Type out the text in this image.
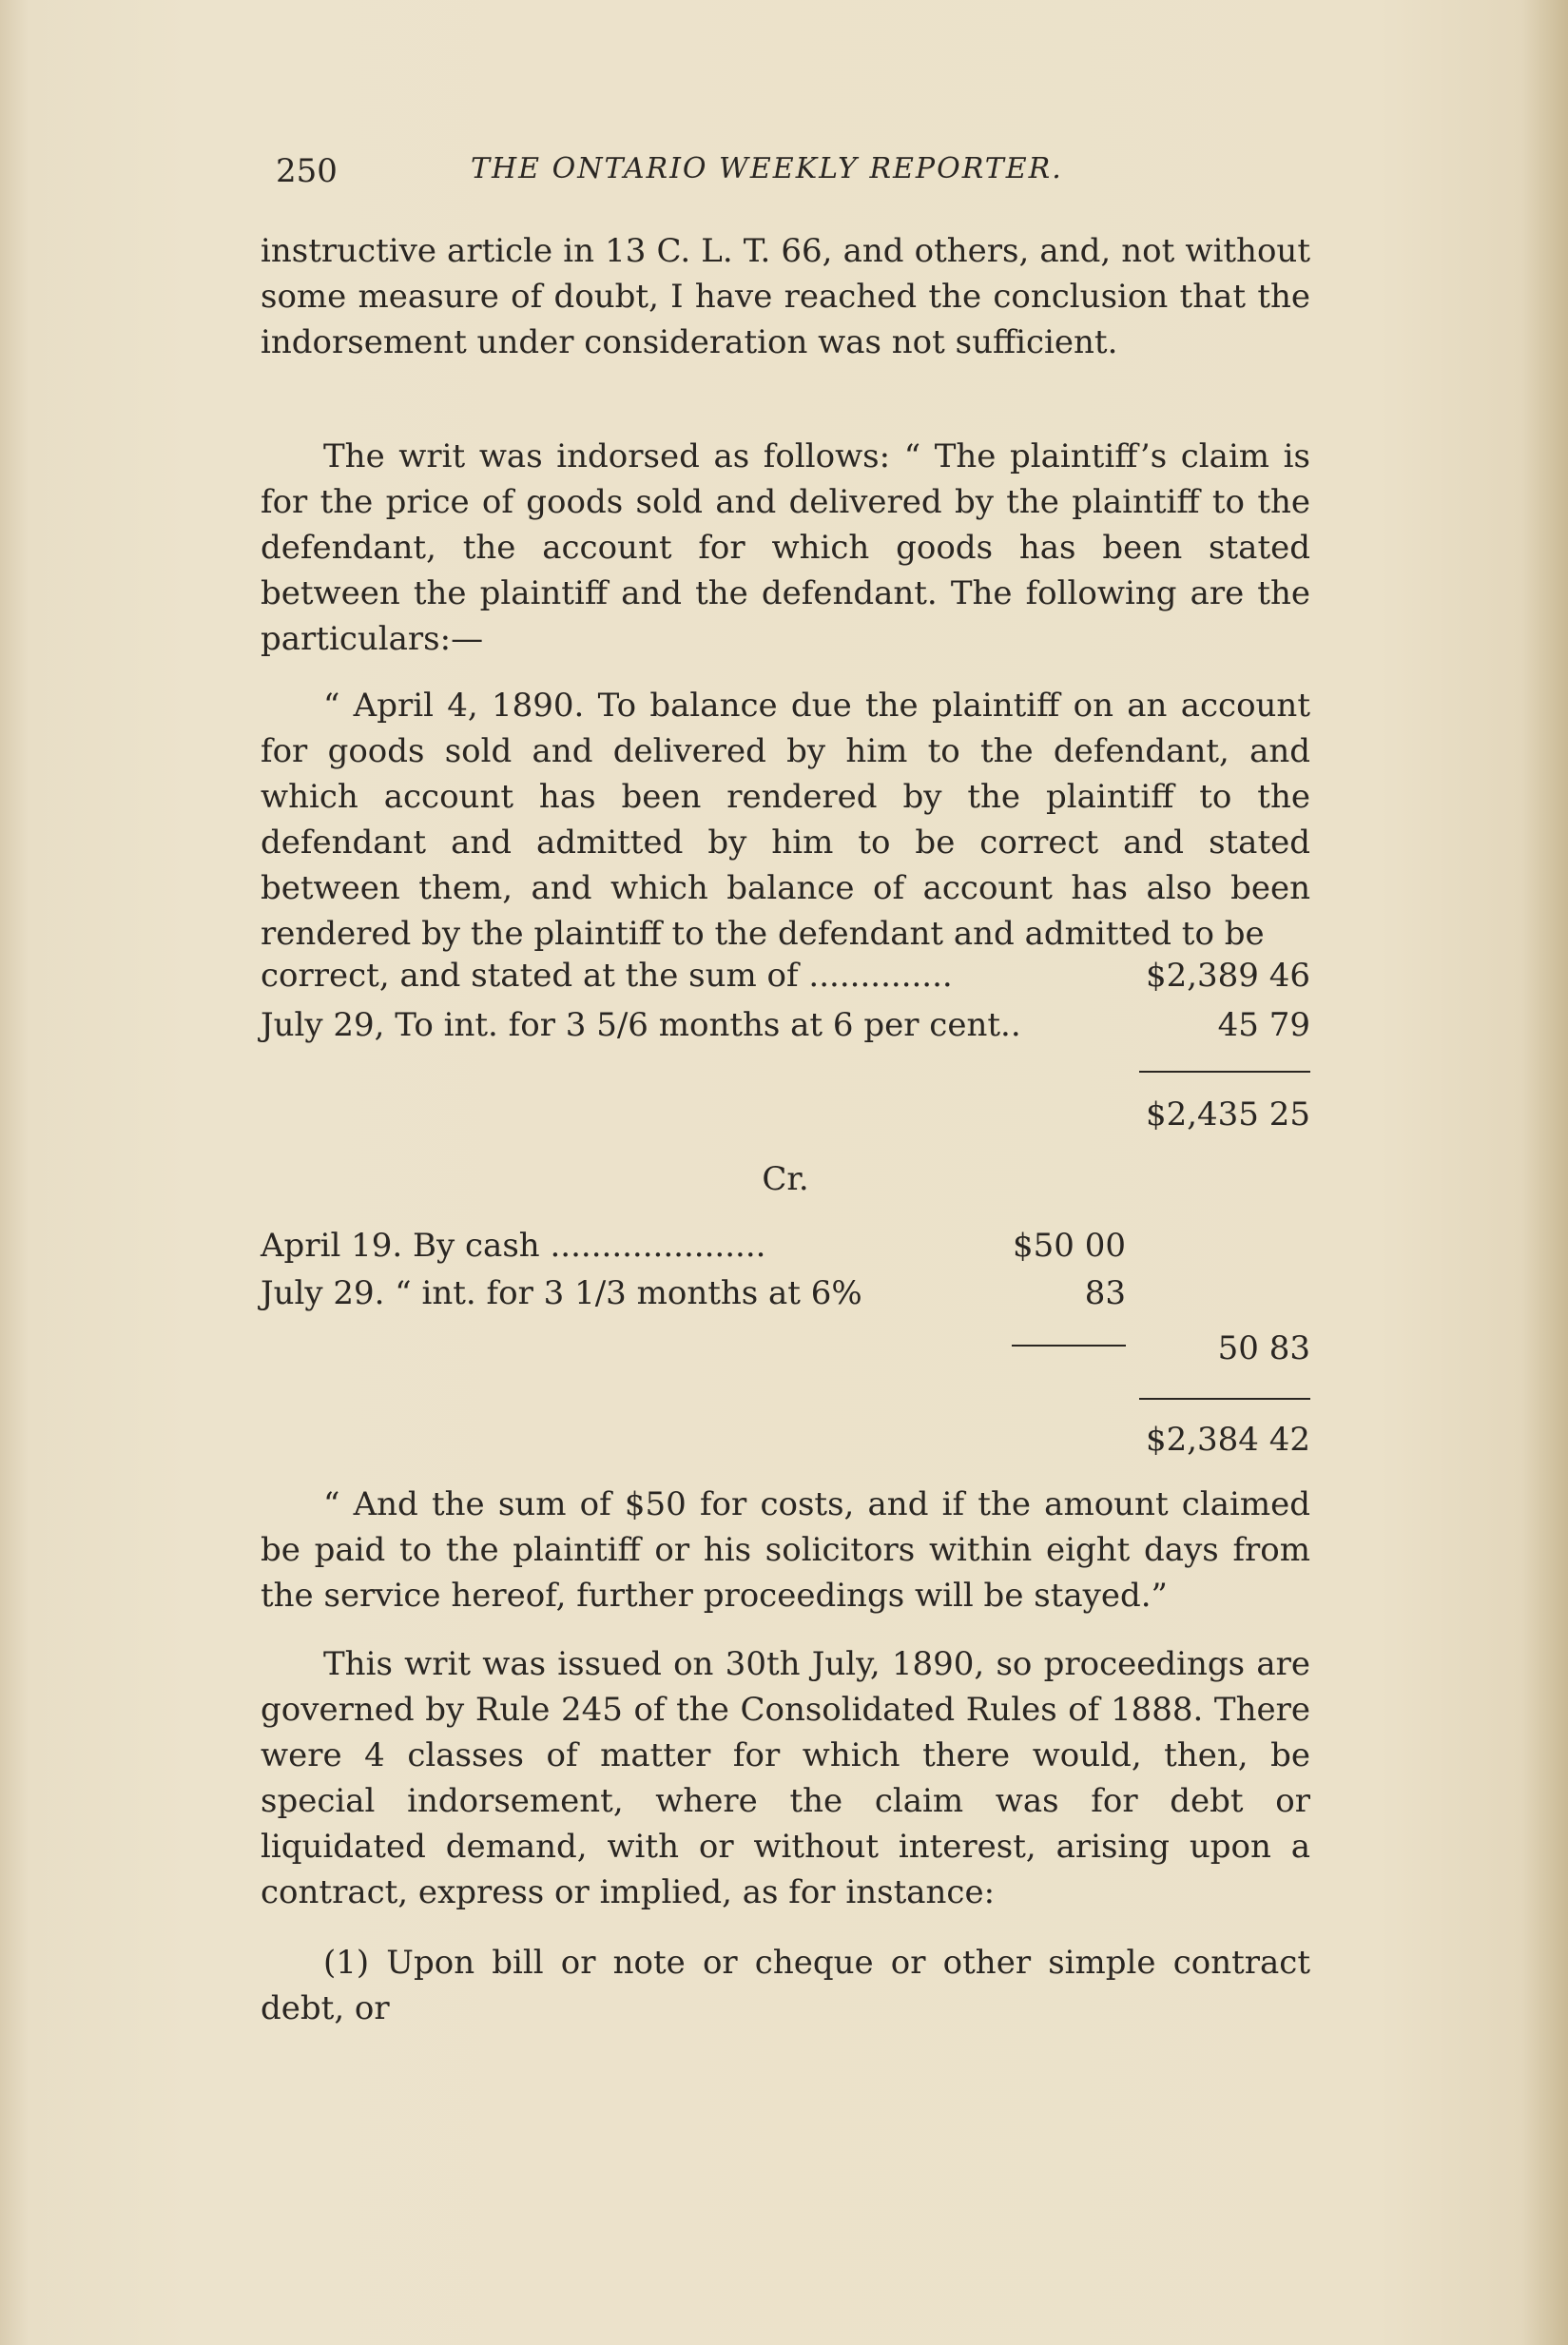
250	THE ONTARIO WEEKLY REPORTER.

instructive article in 13 C. L. T. 66, and others, and, not without some measure of doubt, I have reached the conclusion that the indorsement under consideration was not sufficient.

The writ was indorsed as follows: “ The plaintiff’s claim is for the price of goods sold and delivered by the plaintiff to the defendant, the account for which goods has been stated between the plaintiff and the defendant. The following are the particulars:—

“ April 4, 1890. To balance due the plaintiff on an account for goods sold and delivered by him to the defendant, and which account has been rendered by the plaintiff to the defendant and admitted by him to be correct and stated between them, and which balance of account has also been rendered by the plaintiff to the defendant and admitted to be

correct, and stated at the sum of ..............	$2,389 46
July 29, To int. for 3 5/6 months at 6 per cent..	45 79
$2,435 25
Cr.
April 19. By cash .....................	$50 00
July 29. “ int. for 3 1/3 months at 6%	83
50 83
$2,384 42

“ And the sum of $50 for costs, and if the amount claimed be paid to the plaintiff or his solicitors within eight days from the service hereof, further proceedings will be stayed.”

This writ was issued on 30th July, 1890, so proceedings are governed by Rule 245 of the Consolidated Rules of 1888. There were 4 classes of matter for which there would, then, be special indorsement, where the claim was for debt or liquidated demand, with or without interest, arising upon a contract, express or implied, as for instance:

(1) Upon bill or note or cheque or other simple contract debt, or
